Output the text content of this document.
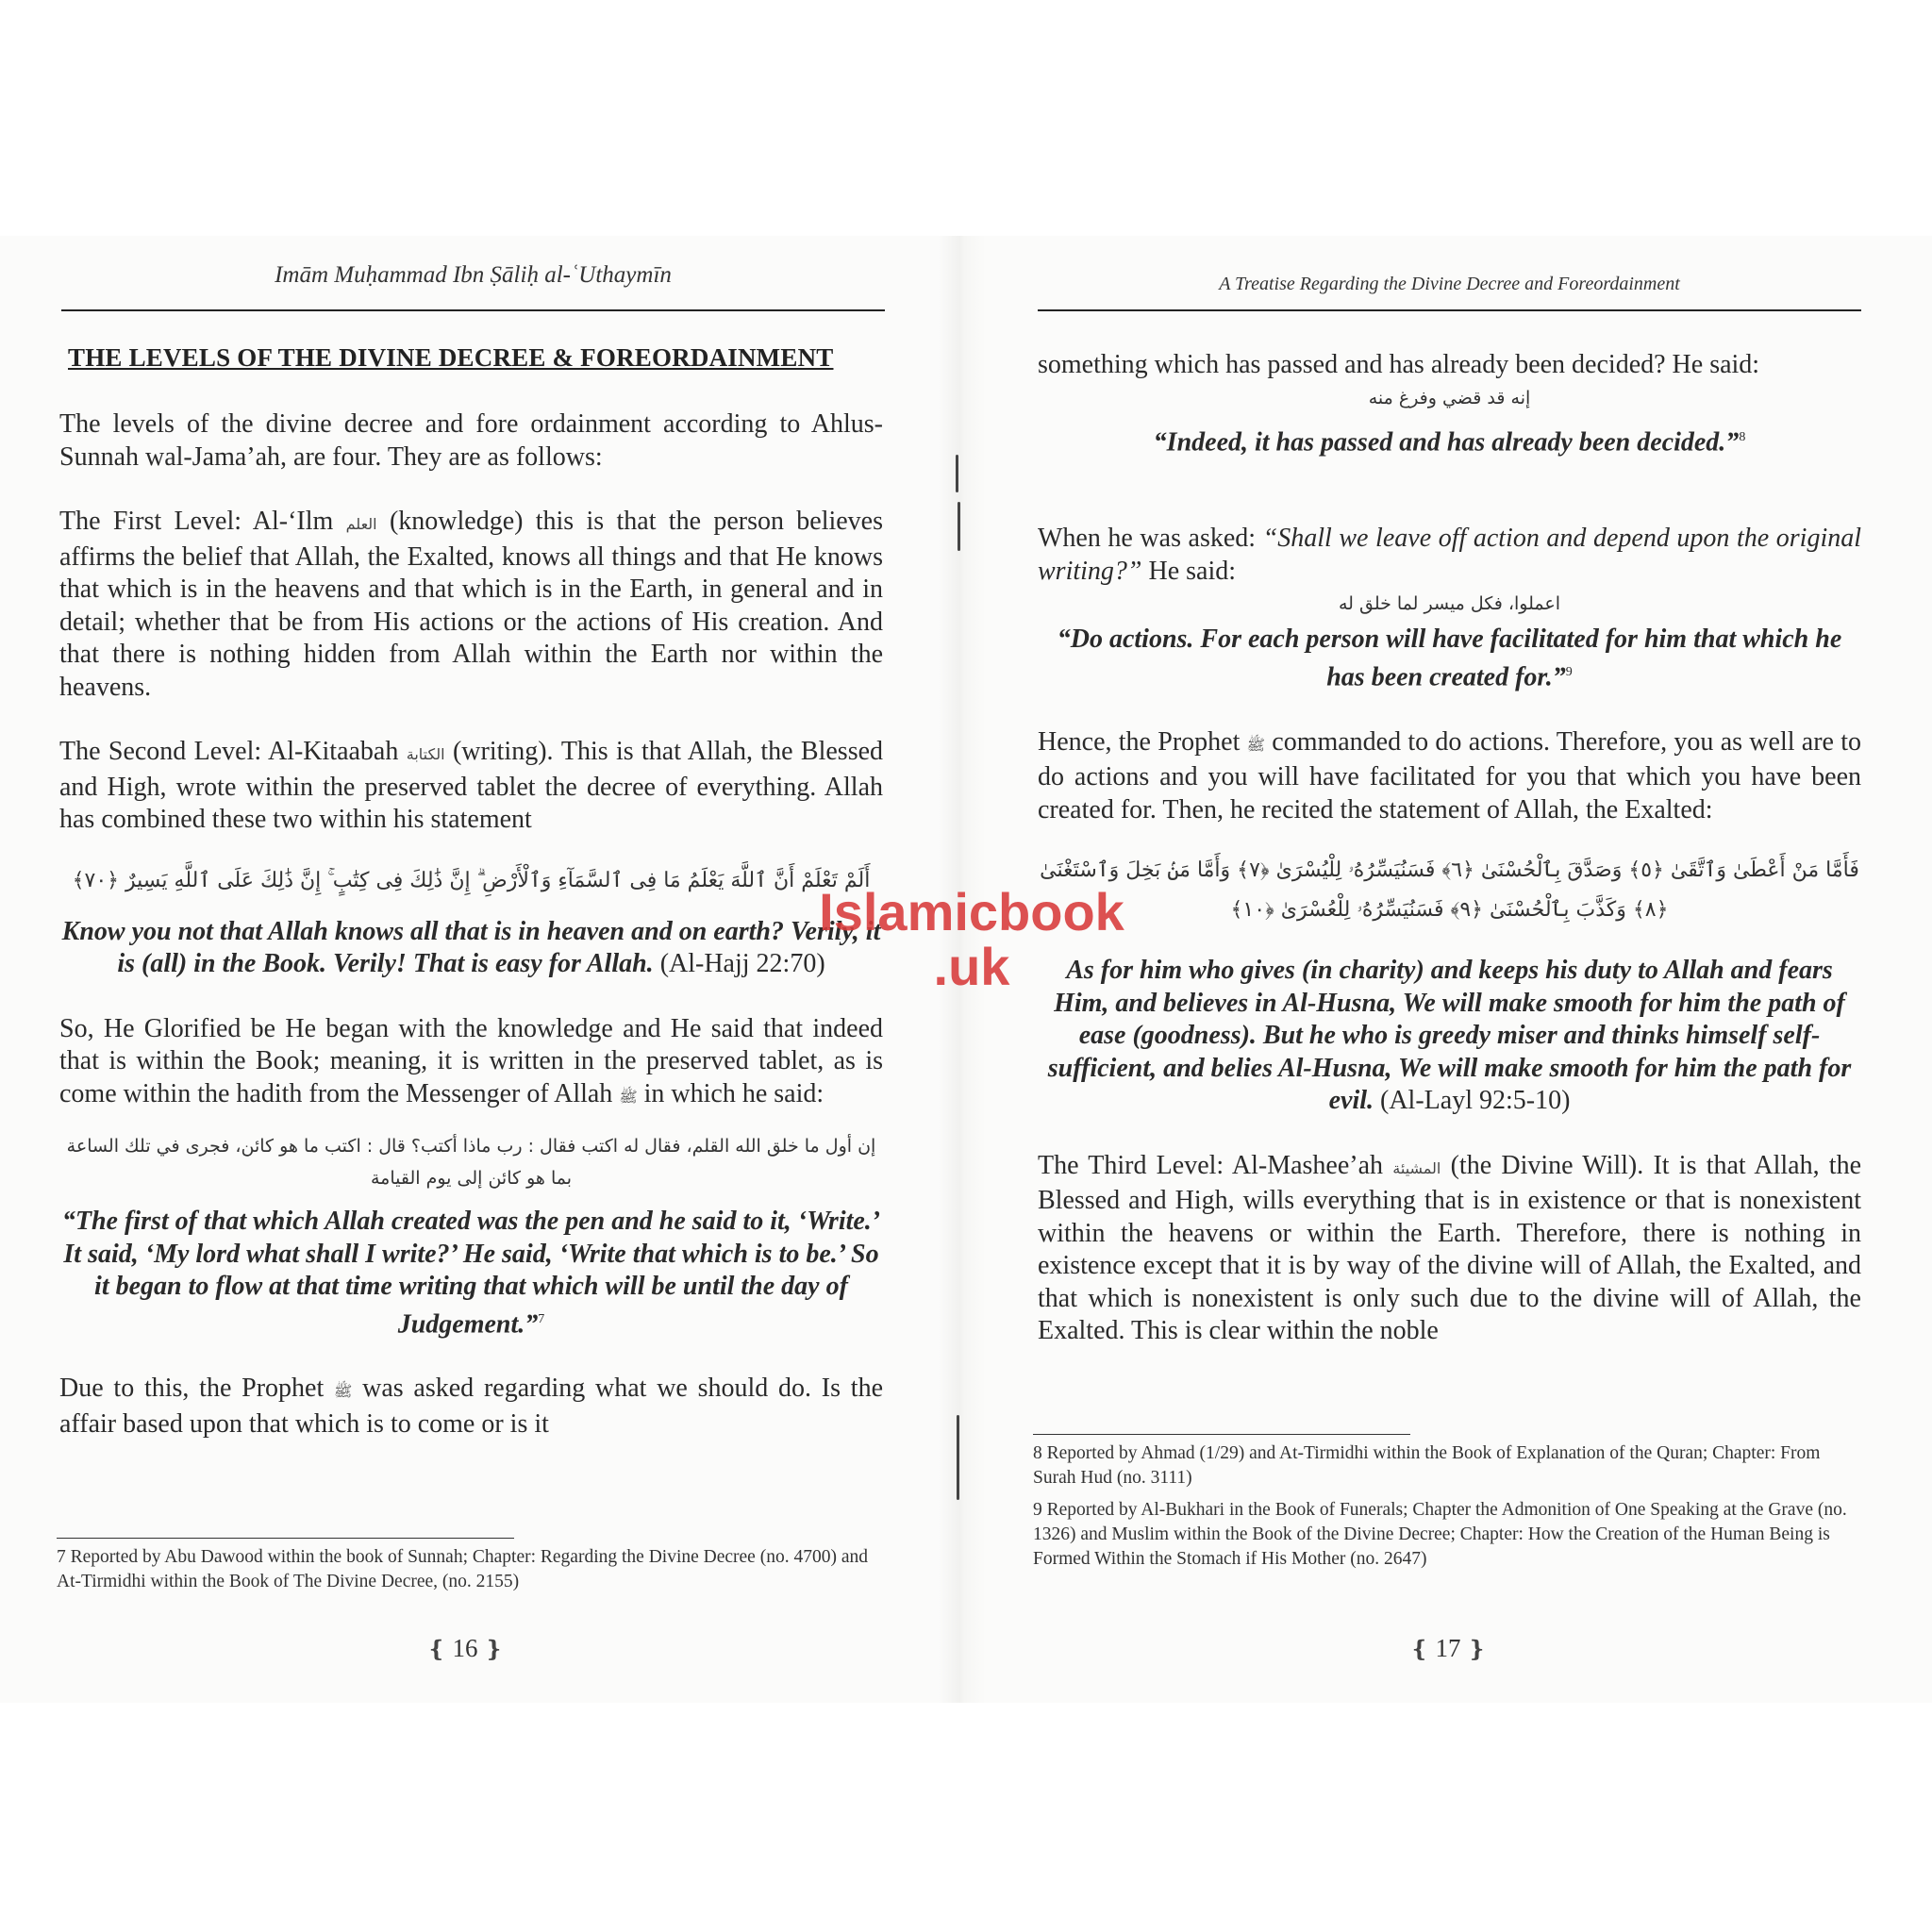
Imām Muḥammad Ibn Ṣāliḥ al-ʿUthaymīn
THE LEVELS OF THE DIVINE DECREE & FOREORDAINMENT

The levels of the divine decree and fore ordainment according to Ahlus-Sunnah wal-Jama’ah, are four. They are as follows:

The First Level: Al-‘Ilm العلم (knowledge) this is that the person believes affirms the belief that Allah, the Exalted, knows all things and that He knows that which is in the heavens and that which is in the Earth, in general and in detail; whether that be from His actions or the actions of His creation. And that there is nothing hidden from Allah within the Earth nor within the heavens.

The Second Level: Al-Kitaabah الكتابة (writing). This is that Allah, the Blessed and High, wrote within the preserved tablet the decree of everything. Allah has combined these two within his statement

أَلَمْ تَعْلَمْ أَنَّ ٱللَّهَ يَعْلَمُ مَا فِى ٱلسَّمَآءِ وَٱلْأَرْضِ ۗ إِنَّ ذَٰلِكَ فِى كِتَٰبٍ ۚ إِنَّ ذَٰلِكَ عَلَى ٱللَّهِ يَسِيرٌ ﴿٧٠﴾

Know you not that Allah knows all that is in heaven and on earth? Verily, it is (all) in the Book. Verily! That is easy for Allah. (Al-Hajj 22:70)

So, He Glorified be He began with the knowledge and He said that indeed that is within the Book; meaning, it is written in the preserved tablet, as is come within the hadith from the Messenger of Allah ﷺ in which he said:

إن أول ما خلق الله القلم، فقال له اكتب فقال : رب ماذا أكتب؟ قال : اكتب ما هو كائن، فجرى في تلك الساعة بما هو كائن إلى يوم القيامة

“The first of that which Allah created was the pen and he said to it, ‘Write.’ It said, ‘My lord what shall I write?’ He said, ‘Write that which is to be.’ So it began to flow at that time writing that which will be until the day of Judgement.”$^7$

Due to this, the Prophet ﷺ was asked regarding what we should do. Is the affair based upon that which is to come or is it

7 Reported by Abu Dawood within the book of Sunnah; Chapter: Regarding the Divine Decree (no. 4700) and At-Tirmidhi within the Book of The Divine Decree, (no. 2155)
❴ 16 ❵
A Treatise Regarding the Divine Decree and Foreordainment

something which has passed and has already been decided? He said:

إنه قد قضي وفرغ منه

“Indeed, it has passed and has already been decided.”$^8$

When he was asked: “Shall we leave off action and depend upon the original writing?” He said:

اعملوا، فكل ميسر لما خلق له

“Do actions. For each person will have facilitated for him that which he has been created for.”$^9$

Hence, the Prophet ﷺ commanded to do actions. Therefore, you as well are to do actions and you will have facilitated for you that which you have been created for. Then, he recited the statement of Allah, the Exalted:

فَأَمَّا مَنْ أَعْطَىٰ وَٱتَّقَىٰ ﴿٥﴾ وَصَدَّقَ بِٱلْحُسْنَىٰ ﴿٦﴾ فَسَنُيَسِّرُهُۥ لِلْيُسْرَىٰ ﴿٧﴾ وَأَمَّا مَنۢ بَخِلَ وَٱسْتَغْنَىٰ ﴿٨﴾ وَكَذَّبَ بِٱلْحُسْنَىٰ ﴿٩﴾ فَسَنُيَسِّرُهُۥ لِلْعُسْرَىٰ ﴿١٠﴾

As for him who gives (in charity) and keeps his duty to Allah and fears Him, and believes in Al-Husna, We will make smooth for him the path of ease (goodness). But he who is greedy miser and thinks himself self-sufficient, and belies Al-Husna, We will make smooth for him the path for evil. (Al-Layl 92:5-10)

The Third Level: Al-Mashee’ah المشيئة (the Divine Will). It is that Allah, the Blessed and High, wills everything that is in existence or that is nonexistent within the heavens or within the Earth. Therefore, there is nothing in existence except that it is by way of the divine will of Allah, the Exalted, and that which is nonexistent is only such due to the divine will of Allah, the Exalted. This is clear within the noble

8 Reported by Ahmad (1/29) and At-Tirmidhi within the Book of Explanation of the Quran; Chapter: From Surah Hud (no. 3111)

9 Reported by Al-Bukhari in the Book of Funerals; Chapter the Admonition of One Speaking at the Grave (no. 1326) and Muslim within the Book of the Divine Decree; Chapter: How the Creation of the Human Being is Formed Within the Stomach if His Mother (no. 2647)

❴ 17 ❵
Islamicbook
.uk
